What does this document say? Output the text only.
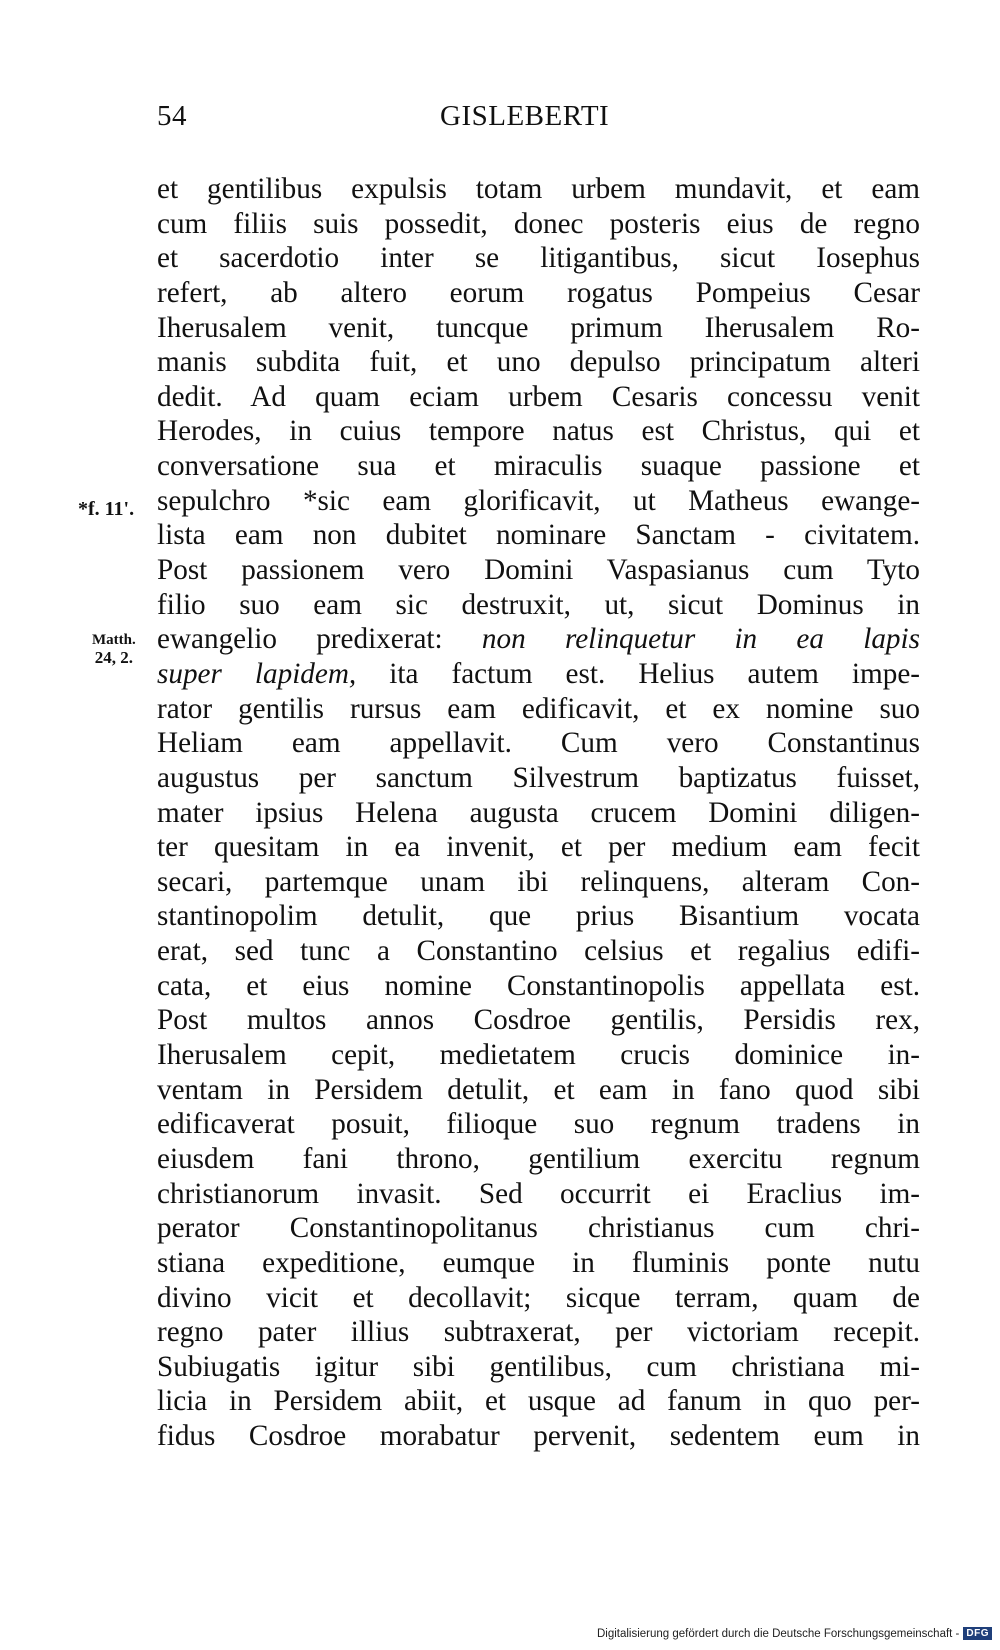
54	GISLEBERTI
*f. 11'.
Matth.
24, 2.
et gentilibus expulsis totam urbem mundavit, et eam
cum filiis suis possedit, donec posteris eius de regno
et sacerdotio inter se litigantibus, sicut Iosephus
refert, ab altero eorum rogatus Pompeius Cesar
Iherusalem venit, tuncque primum Iherusalem Ro-
manis subdita fuit, et uno depulso principatum alteri
dedit. Ad quam eciam urbem Cesaris concessu venit
Herodes, in cuius tempore natus est Christus, qui et
conversatione sua et miraculis suaque passione et
sepulchro *sic eam glorificavit, ut Matheus ewange-
lista eam non dubitet nominare Sanctam - civitatem.
Post passionem vero Domini Vaspasianus cum Tyto
filio suo eam sic destruxit, ut, sicut Dominus in
ewangelio predixerat: non relinquetur in ea lapis
super lapidem, ita factum est. Helius autem impe-
rator gentilis rursus eam edificavit, et ex nomine suo
Heliam eam appellavit. Cum vero Constantinus
augustus per sanctum Silvestrum baptizatus fuisset,
mater ipsius Helena augusta crucem Domini diligen-
ter quesitam in ea invenit, et per medium eam fecit
secari, partemque unam ibi relinquens, alteram Con-
stantinopolim detulit, que prius Bisantium vocata
erat, sed tunc a Constantino celsius et regalius edifi-
cata, et eius nomine Constantinopolis appellata est.
Post multos annos Cosdroe gentilis, Persidis rex,
Iherusalem cepit, medietatem crucis dominice in-
ventam in Persidem detulit, et eam in fano quod sibi
edificaverat posuit, filioque suo regnum tradens in
eiusdem fani throno, gentilium exercitu regnum
christianorum invasit. Sed occurrit ei Eraclius im-
perator Constantinopolitanus christianus cum chri-
stiana expeditione, eumque in fluminis ponte nutu
divino vicit et decollavit; sicque terram, quam de
regno pater illius subtraxerat, per victoriam recepit.
Subiugatis igitur sibi gentilibus, cum christiana mi-
licia in Persidem abiit, et usque ad fanum in quo per-
fidus Cosdroe morabatur pervenit, sedentem eum in
Digitalisierung gefördert durch die Deutsche Forschungsgemeinschaft - DFG
